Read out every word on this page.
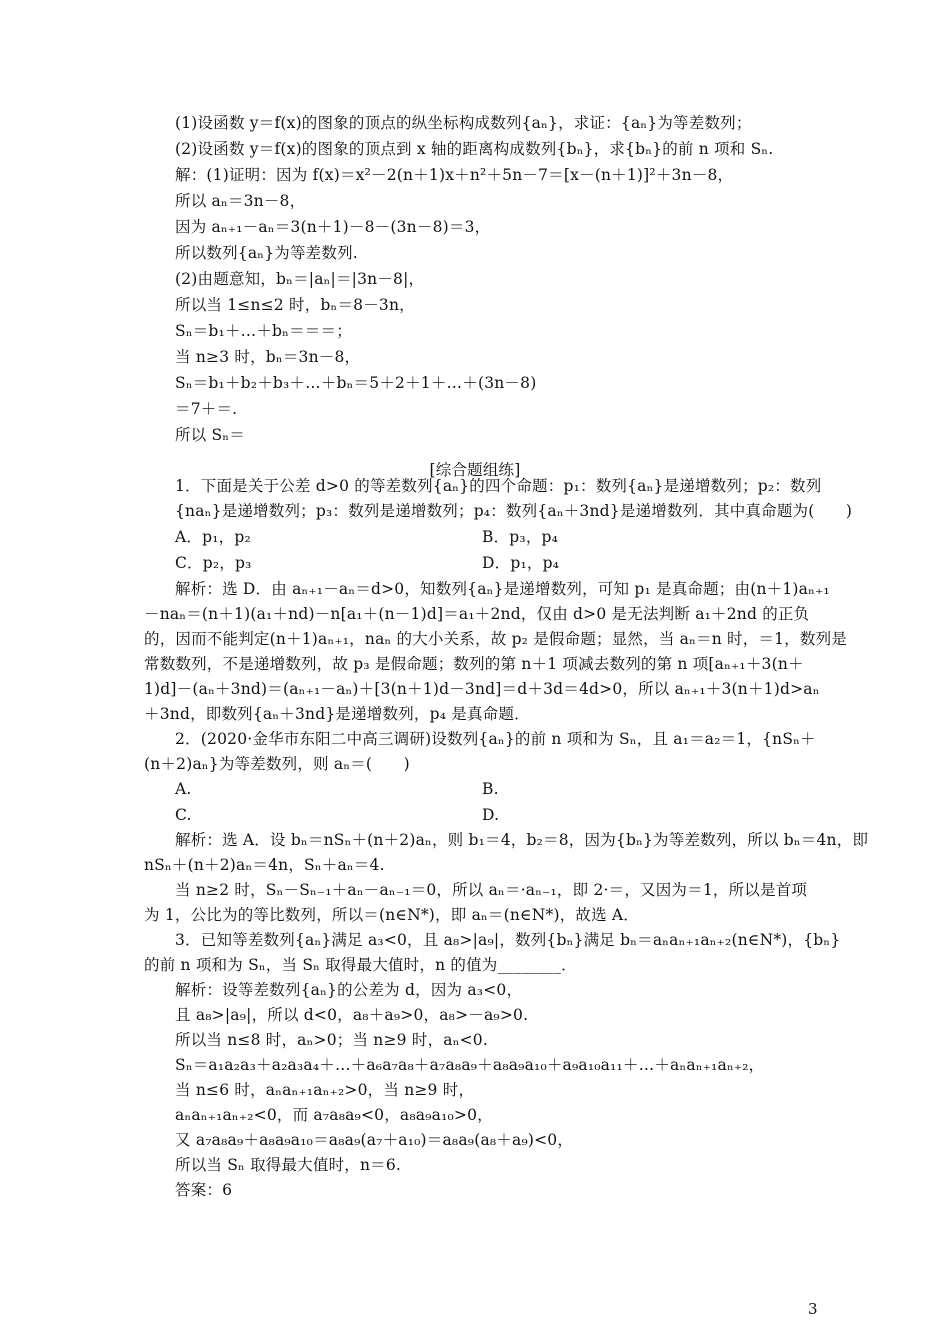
[综合题组练]
(1)设函数 y＝f(x)的图象的顶点的纵坐标构成数列{aₙ}，求证：{aₙ}为等差数列；
(2)设函数 y＝f(x)的图象的顶点到 x 轴的距离构成数列{bₙ}，求{bₙ}的前 n 项和 Sₙ.
解：(1)证明：因为 f(x)＝x²－2(n＋1)x＋n²＋5n－7＝[x－(n＋1)]²＋3n－8，
所以 aₙ＝3n－8，
因为 aₙ₊₁－aₙ＝3(n＋1)－8－(3n－8)＝3，
所以数列{aₙ}为等差数列.
(2)由题意知，bₙ＝|aₙ|＝|3n－8|，
所以当 1≤n≤2 时，bₙ＝8－3n，
Sₙ＝b₁＋…＋bₙ＝＝＝；
当 n≥3 时，bₙ＝3n－8，
Sₙ＝b₁＋b₂＋b₃＋…＋bₙ＝5＋2＋1＋…＋(3n－8)
＝7＋＝.
所以 Sₙ＝
1．下面是关于公差 d>0 的等差数列{aₙ}的四个命题：p₁：数列{aₙ}是递增数列；p₂：数列
{naₙ}是递增数列；p₃：数列是递增数列；p₄：数列{aₙ＋3nd}是递增数列．其中真命题为(　　)
A．p₁，p₂	B．p₃，p₄
C．p₂，p₃	D．p₁，p₄
解析：选 D．由 aₙ₊₁－aₙ＝d>0，知数列{aₙ}是递增数列，可知 p₁ 是真命题；由(n＋1)aₙ₊₁
－naₙ＝(n＋1)(a₁＋nd)－n[a₁＋(n－1)d]＝a₁＋2nd，仅由 d>0 是无法判断 a₁＋2nd 的正负
的，因而不能判定(n＋1)aₙ₊₁，naₙ 的大小关系，故 p₂ 是假命题；显然，当 aₙ＝n 时，＝1，数列是
常数数列，不是递增数列，故 p₃ 是假命题；数列的第 n＋1 项减去数列的第 n 项[aₙ₊₁＋3(n＋
1)d]－(aₙ＋3nd)＝(aₙ₊₁－aₙ)＋[3(n＋1)d－3nd]＝d＋3d＝4d>0，所以 aₙ₊₁＋3(n＋1)d>aₙ
＋3nd，即数列{aₙ＋3nd}是递增数列，p₄ 是真命题．
2．(2020·金华市东阳二中高三调研)设数列{aₙ}的前 n 项和为 Sₙ，且 a₁＝a₂＝1，{nSₙ＋
(n＋2)aₙ}为等差数列，则 aₙ＝(　　)
A.	B.
C.	D.
解析：选 A．设 bₙ＝nSₙ＋(n＋2)aₙ，则 b₁＝4，b₂＝8，因为{bₙ}为等差数列，所以 bₙ＝4n，即
nSₙ＋(n＋2)aₙ＝4n，Sₙ＋aₙ＝4.
当 n≥2 时，Sₙ－Sₙ₋₁＋aₙ－aₙ₋₁＝0，所以 aₙ＝·aₙ₋₁，即 2·＝，又因为＝1，所以是首项
为 1，公比为的等比数列，所以＝(n∈N*)，即 aₙ＝(n∈N*)，故选 A．
3．已知等差数列{aₙ}满足 a₃<0，且 a₈>|a₉|，数列{bₙ}满足 bₙ＝aₙaₙ₊₁aₙ₊₂(n∈N*)，{bₙ}
的前 n 项和为 Sₙ，当 Sₙ 取得最大值时，n 的值为________．
解析：设等差数列{aₙ}的公差为 d，因为 a₃<0，
且 a₈>|a₉|，所以 d<0，a₈＋a₉>0，a₈>－a₉>0.
所以当 n≤8 时，aₙ>0；当 n≥9 时，aₙ<0.
Sₙ＝a₁a₂a₃＋a₂a₃a₄＋…＋a₆a₇a₈＋a₇a₈a₉＋a₈a₉a₁₀＋a₉a₁₀a₁₁＋…＋aₙaₙ₊₁aₙ₊₂，
当 n≤6 时，aₙaₙ₊₁aₙ₊₂>0，当 n≥9 时，
aₙaₙ₊₁aₙ₊₂<0，而 a₇a₈a₉<0，a₈a₉a₁₀>0，
又 a₇a₈a₉＋a₈a₉a₁₀＝a₈a₉(a₇＋a₁₀)＝a₈a₉(a₈＋a₉)<0，
所以当 Sₙ 取得最大值时，n＝6.
答案：6
3
